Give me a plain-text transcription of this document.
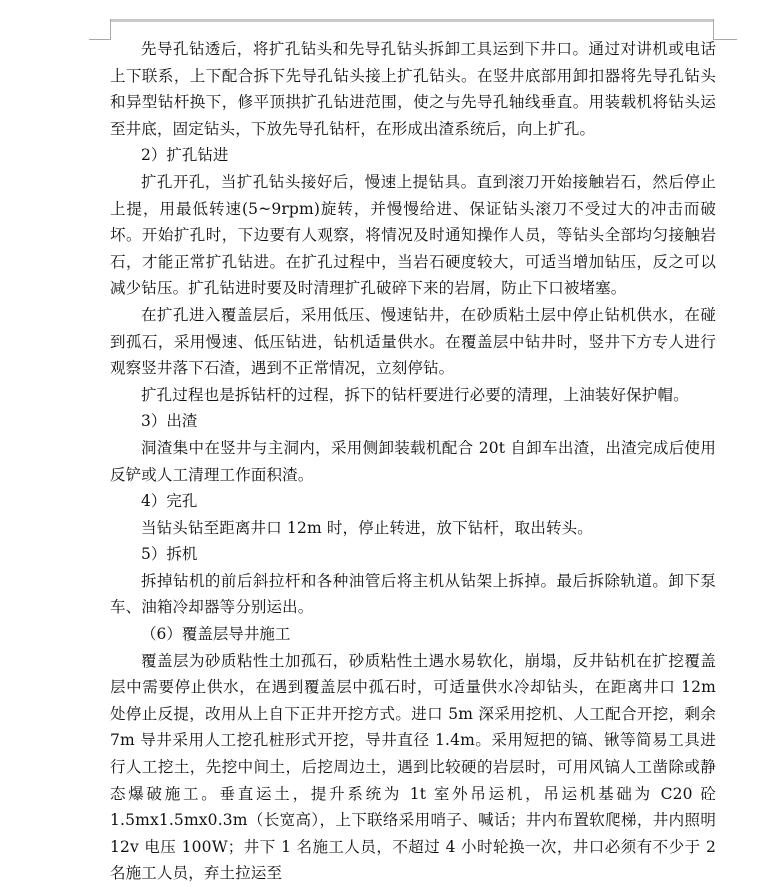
先导孔钻透后，将扩孔钻头和先导孔钻头拆卸工具运到下井口。通过对讲机或电话上下联系，上下配合拆下先导孔钻头接上扩孔钻头。在竖井底部用卸扣器将先导孔钻头和异型钻杆换下，修平顶拱扩孔钻进范围，使之与先导孔轴线垂直。用装载机将钻头运至井底，固定钻头，下放先导孔钻杆，在形成出渣系统后，向上扩孔。

2）扩孔钻进

扩孔开孔，当扩孔钻头接好后，慢速上提钻具。直到滚刀开始接触岩石，然后停止上提，用最低转速(5~9rpm)旋转，并慢慢给进、保证钻头滚刀不受过大的冲击而破坏。开始扩孔时，下边要有人观察，将情况及时通知操作人员，等钻头全部均匀接触岩石，才能正常扩孔钻进。在扩孔过程中，当岩石硬度较大，可适当增加钻压，反之可以减少钻压。扩孔钻进时要及时清理扩孔破碎下来的岩屑，防止下口被堵塞。

在扩孔进入覆盖层后，采用低压、慢速钻井，在砂质粘土层中停止钻机供水，在碰到孤石，采用慢速、低压钻进，钻机适量供水。在覆盖层中钻井时，竖井下方专人进行观察竖井落下石渣，遇到不正常情况，立刻停钻。

扩孔过程也是拆钻杆的过程，拆下的钻杆要进行必要的清理，上油装好保护帽。

3）出渣

洞渣集中在竖井与主洞内，采用侧卸装载机配合 20t 自卸车出渣，出渣完成后使用反铲或人工清理工作面积渣。

4）完孔

当钻头钻至距离井口 12m 时，停止转进，放下钻杆，取出转头。

5）拆机

拆掉钻机的前后斜拉杆和各种油管后将主机从钻架上拆掉。最后拆除轨道。卸下泵车、油箱冷却器等分别运出。

（6）覆盖层导井施工

覆盖层为砂质粘性土加孤石，砂质粘性土遇水易软化，崩塌，反井钻机在扩挖覆盖层中需要停止供水，在遇到覆盖层中孤石时，可适量供水冷却钻头，在距离井口 12m 处停止反提，改用从上自下正井开挖方式。进口 5m 深采用挖机、人工配合开挖，剩余 7m 导井采用人工挖孔桩形式开挖，导井直径 1.4m。采用短把的镐、锹等简易工具进行人工挖土，先挖中间土，后挖周边土，遇到比较硬的岩层时，可用风镐人工凿除或静态爆破施工。垂直运土，提升系统为 1t 室外吊运机，吊运机基础为 C20 砼 1.5mx1.5mx0.3m（长宽高），上下联络采用哨子、喊话；井内布置软爬梯，井内照明 12v 电压 100W；井下 1 名施工人员，不超过 4 小时轮换一次，井口必须有不少于 2 名施工人员，弃土拉运至
